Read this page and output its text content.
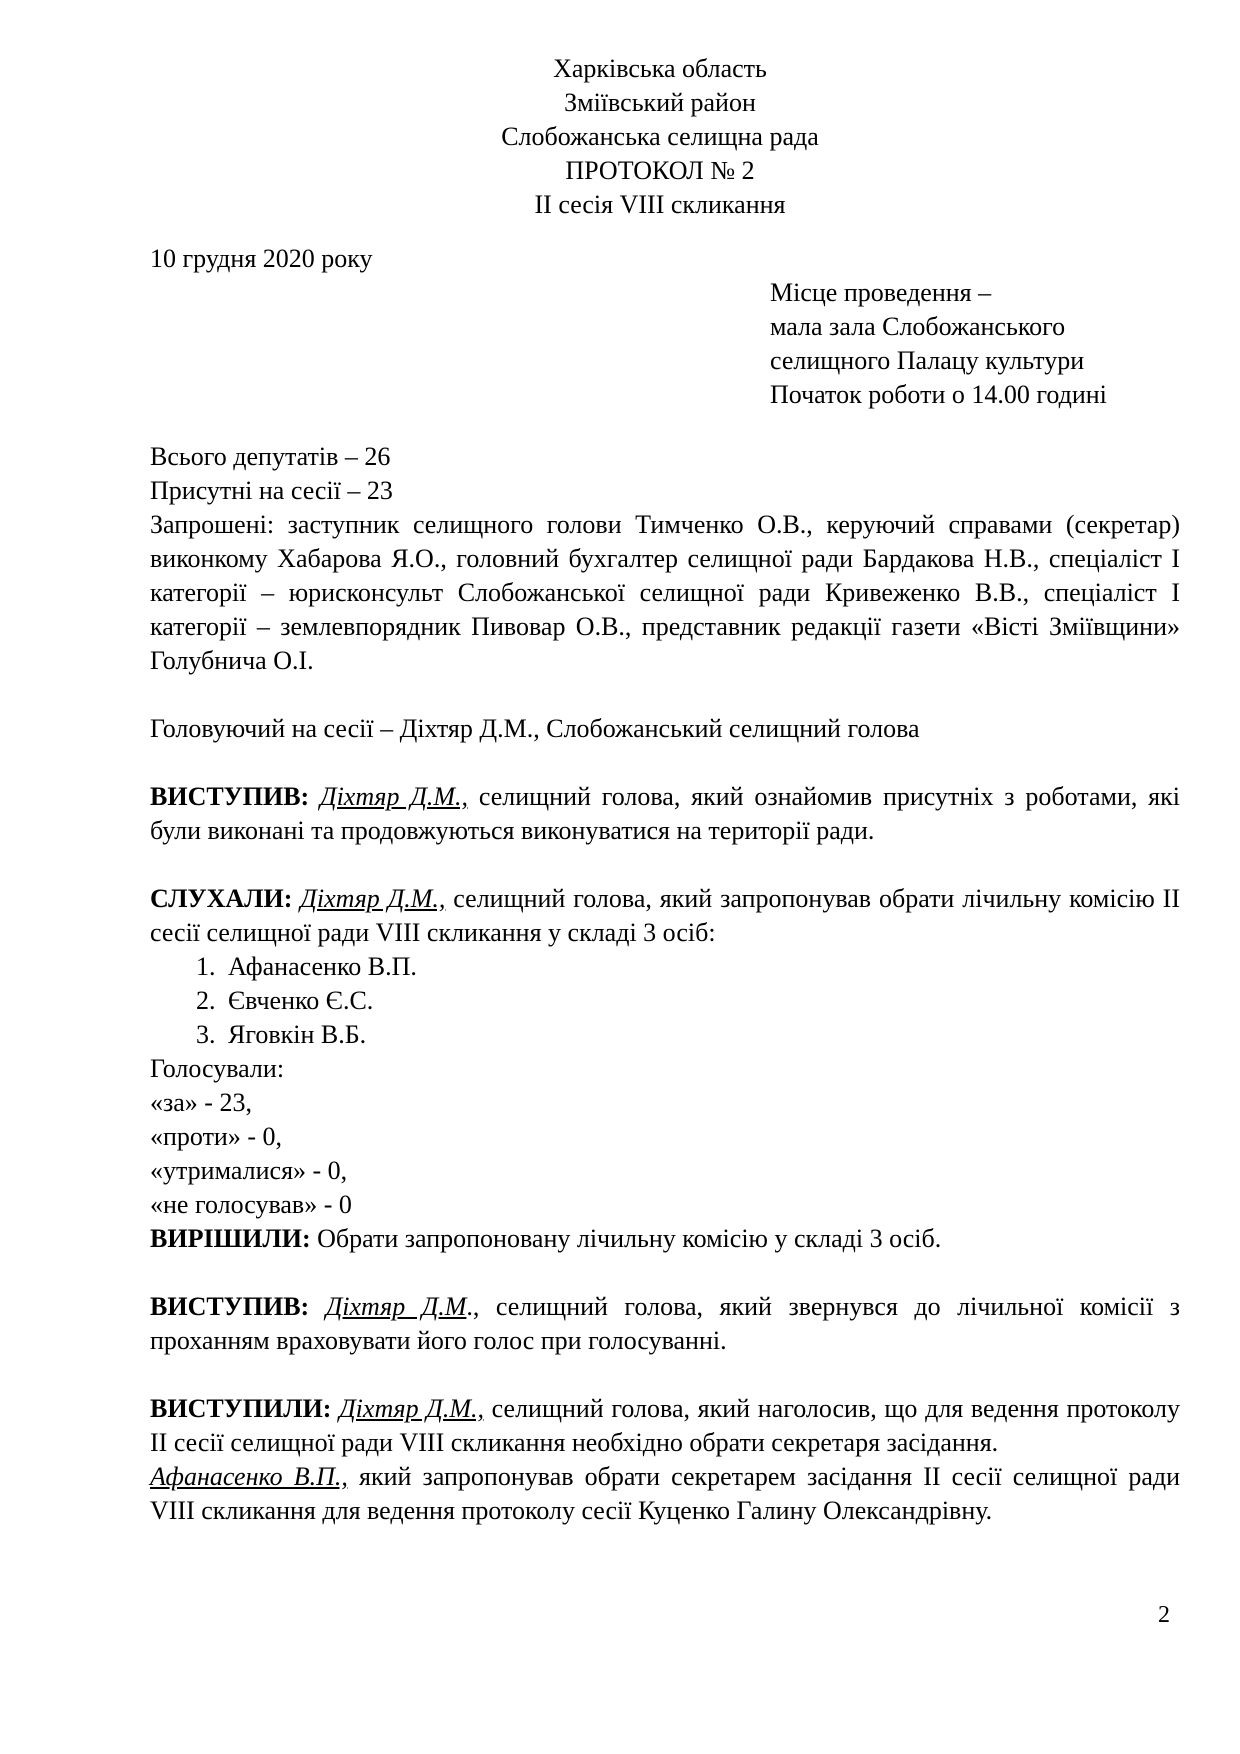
Харківська область
Зміївський район
Слобожанська селищна рада
ПРОТОКОЛ № 2
ІІ сесія VIII скликання
10 грудня 2020 року
Місце проведення –
мала зала Слобожанського
селищного Палацу культури
Початок роботи о 14.00 годині
Всього депутатів – 26
Присутні на сесії – 23
Запрошені: заступник селищного голови Тимченко О.В., керуючий справами (секретар) виконкому Хабарова Я.О., головний бухгалтер селищної ради Бардакова Н.В., спеціаліст І категорії – юрисконсульт Слобожанської селищної ради Кривеженко В.В., спеціаліст І категорії – землевпорядник Пивовар О.В., представник редакції газети «Вісті Зміївщини» Голубнича О.І.
Головуючий на сесії – Діхтяр Д.М., Слобожанський селищний голова
ВИСТУПИВ: Діхтяр Д.М., селищний голова, який ознайомив присутніх з роботами, які були виконані та продовжуються виконуватися на території ради.
СЛУХАЛИ: Діхтяр Д.М., селищний голова, який запропонував обрати лічильну комісію ІІ сесії селищної ради VIII скликання у складі 3 осіб:
1. Афанасенко В.П.
2. Євченко Є.С.
3. Яговкін В.Б.
Голосували:
«за» - 23,
«проти» - 0,
«утрималися» - 0,
«не голосував» - 0
ВИРІШИЛИ: Обрати запропоновану лічильну комісію у складі 3 осіб.
ВИСТУПИВ: Діхтяр Д.М., селищний голова, який звернувся до лічильної комісії з проханням враховувати його голос при голосуванні.
ВИСТУПИЛИ: Діхтяр Д.М., селищний голова, який наголосив, що для ведення протоколу ІІ сесії селищної ради VIII скликання необхідно обрати секретаря засідання.
Афанасенко В.П., який запропонував обрати секретарем засідання ІІ сесії селищної ради VIII скликання для ведення протоколу сесії Куценко Галину Олександрівну.
2
